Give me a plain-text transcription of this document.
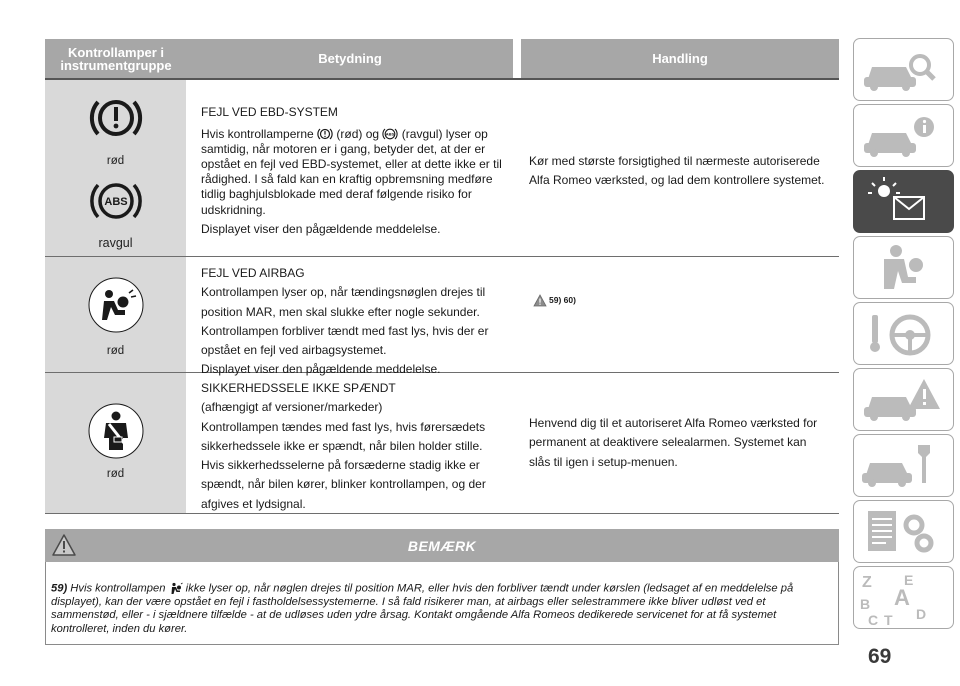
Kontrollamper i instrumentgruppe	Betydning	Handling
rød
ABS
ravgul

FEJL VED EBD-SYSTEM

Hvis kontrollamperne (rød) og ABS (ravgul) lyser op samtidig, når motoren er i gang, betyder det, at der er opstået en fejl ved EBD-systemet, eller at dette ikke er til rådighed. I så fald kan en kraftig opbremsning medføre tidlig baghjulsblokade med deraf følgende risiko for udskridning.

Displayet viser den pågældende meddelelse.

Kør med største forsigtighed til nærmeste autoriserede Alfa Romeo værksted, og lad dem kontrollere systemet.
rød

FEJL VED AIRBAG

Kontrollampen lyser op, når tændingsnøglen drejes til

position MAR, men skal slukke efter nogle sekunder.

Kontrollampen forbliver tændt med fast lys, hvis der er

opstået en fejl ved airbagsystemet.

Displayet viser den pågældende meddelelse.

59) 60)
rød

SIKKERHEDSSELE IKKE SPÆNDT

(afhængigt af versioner/markeder)

Kontrollampen tændes med fast lys, hvis førersædets

sikkerhedssele ikke er spændt, når bilen holder stille.

Hvis sikkerhedsselerne på forsæderne stadig ikke er

spændt, når bilen kører, blinker kontrollampen, og der

afgives et lydsignal.

Henvend dig til et autoriseret Alfa Romeo værksted for

permanent at deaktivere selealarmen. Systemet kan

slås til igen i setup-menuen.

BEMÆRK
59) Hvis kontrollampen ikke lyser op, når nøglen drejes til position MAR, eller hvis den forbliver tændt under kørslen (ledsaget af en meddelelse på displayet), kan der være opstået en fejl i fastholdelsessystemerne. I så fald risikerer man, at airbags eller selestrammere ikke bliver udløst ved et sammenstød, eller - i sjældnere tilfælde - at de udløses uden ydre årsag. Kontakt omgående Alfa Romeos dedikerede servicenet for at få systemet kontrolleret, inden du kører.
Z E
A
B
C T D
69
